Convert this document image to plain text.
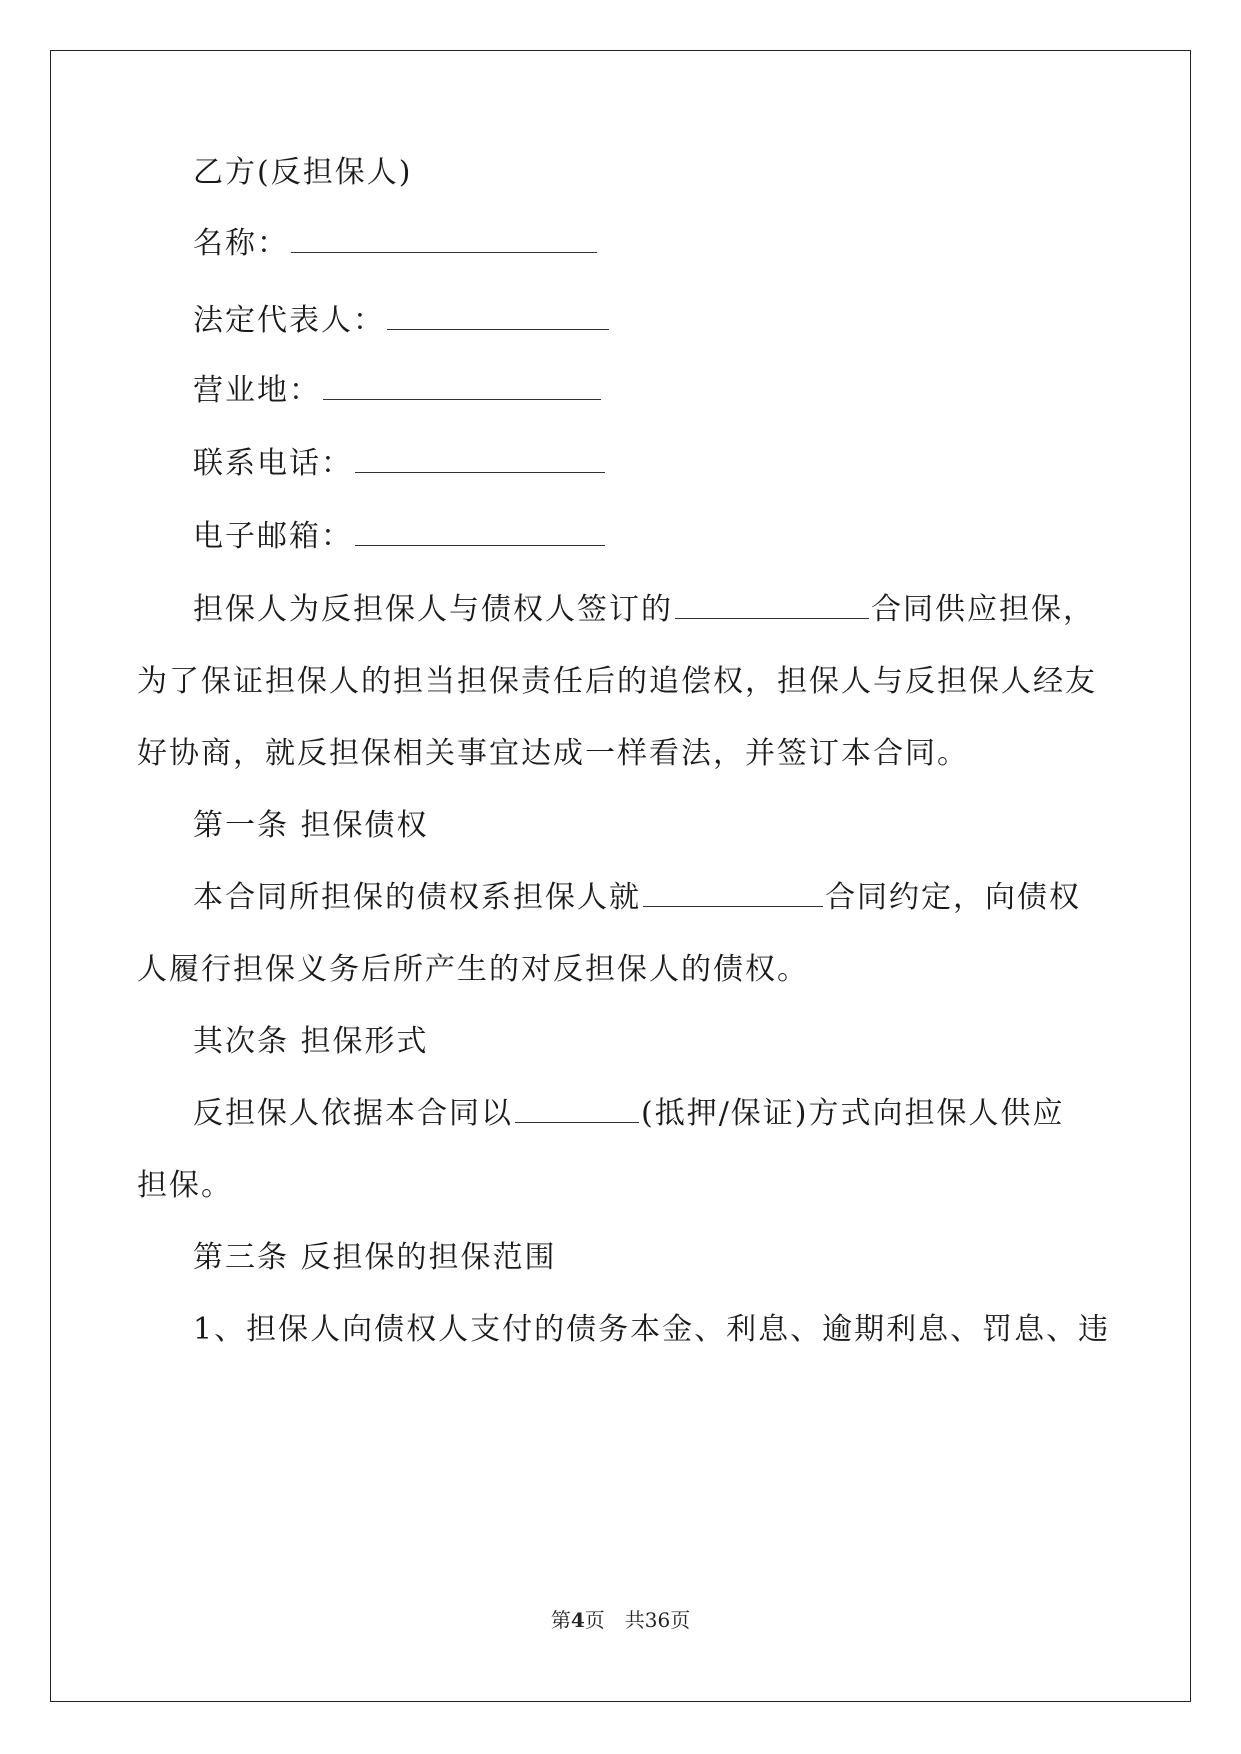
乙方(反担保人)
名称：
法定代表人：
营业地：
联系电话：
电子邮箱：
担保人为反担保人与债权人签订的	合同供应担保，
为了保证担保人的担当担保责任后的追偿权，担保人与反担保人经友
好协商，就反担保相关事宜达成一样看法，并签订本合同。
第一条 担保债权
本合同所担保的债权系担保人就	合同约定，向债权
人履行担保义务后所产生的对反担保人的债权。
其次条 担保形式
反担保人依据本合同以	(抵押/保证)方式向担保人供应
担保。
第三条 反担保的担保范围
1、担保人向债权人支付的债务本金、利息、逾期利息、罚息、违
第4页 共36页
